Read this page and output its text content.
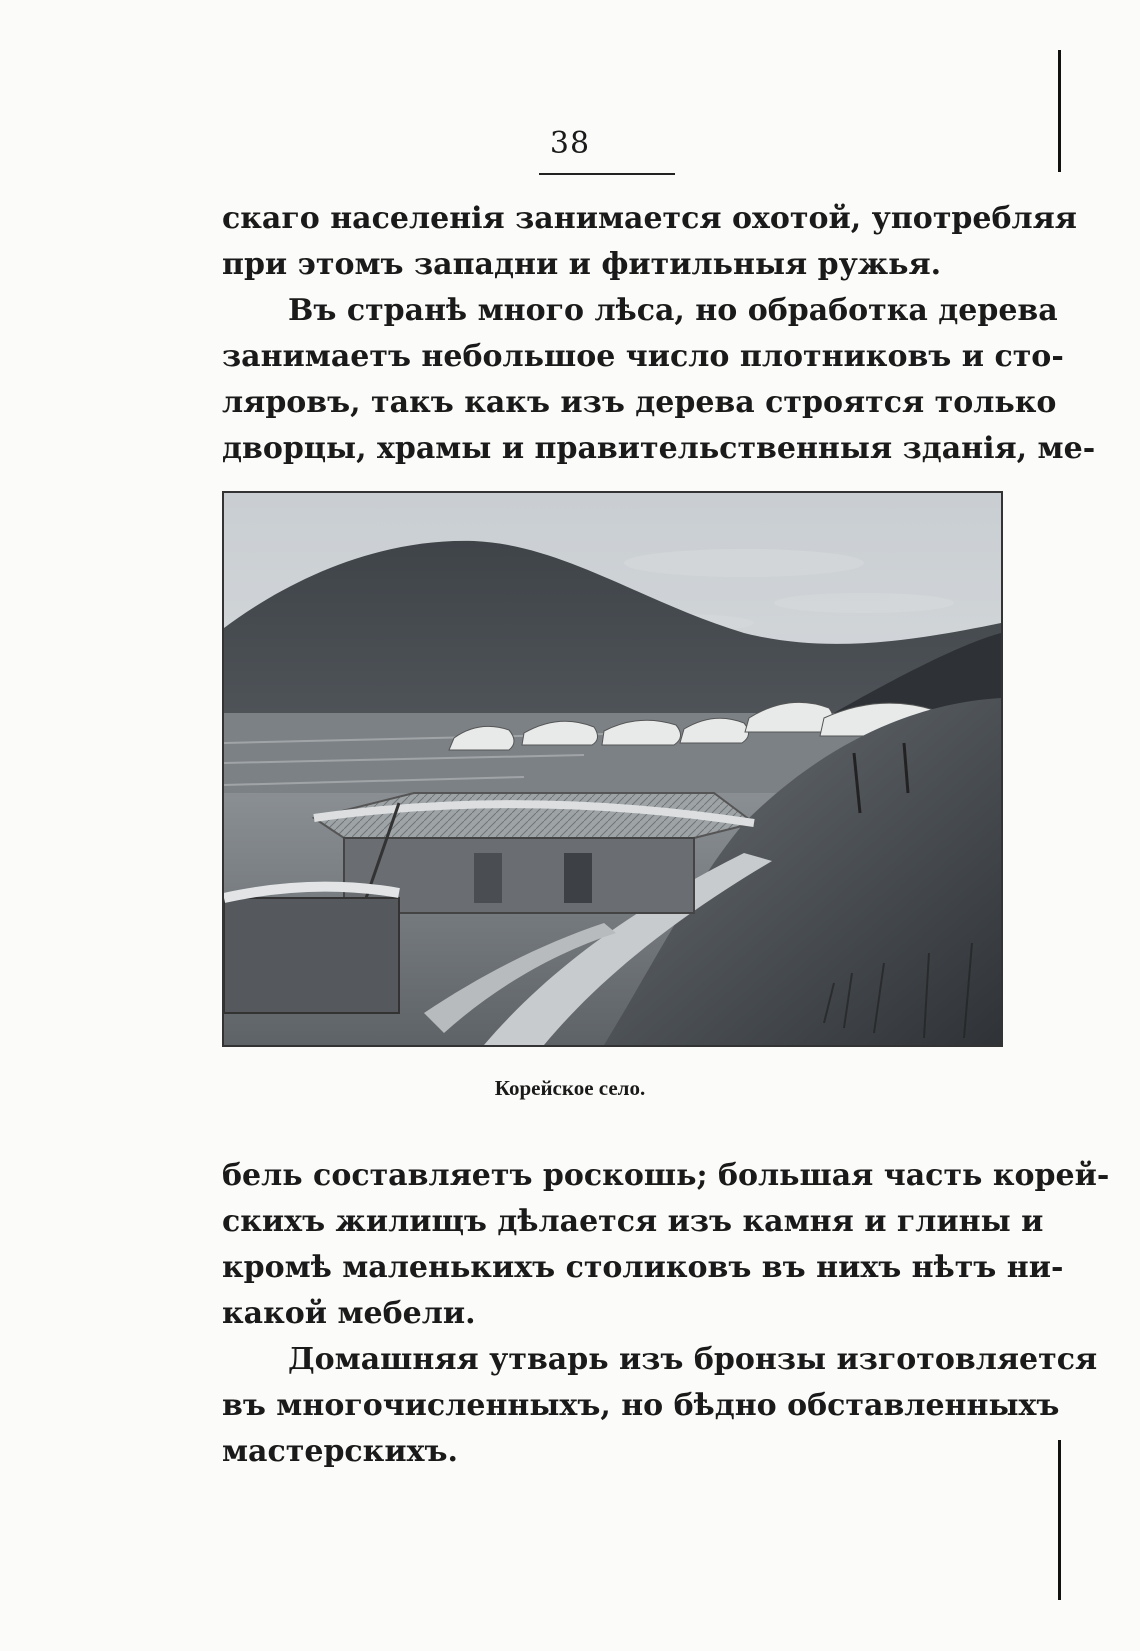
38
скаго населенія занимается охотой, употребляя
при этомъ западни и фитильныя ружья.
Въ странѣ много лѣса, но обработка дерева
занимаетъ небольшое число плотниковъ и сто-
ляровъ, такъ какъ изъ дерева строятся только
дворцы, храмы и правительственныя зданія, ме-
Корейское село.
бель составляетъ роскошь; большая часть корей-
скихъ жилищъ дѣлается изъ камня и глины и
кромѣ маленькихъ столиковъ въ нихъ нѣтъ ни-
какой мебели.
Домашняя утварь изъ бронзы изготовляется
въ многочисленныхъ, но бѣдно обставленныхъ
мастерскихъ.
